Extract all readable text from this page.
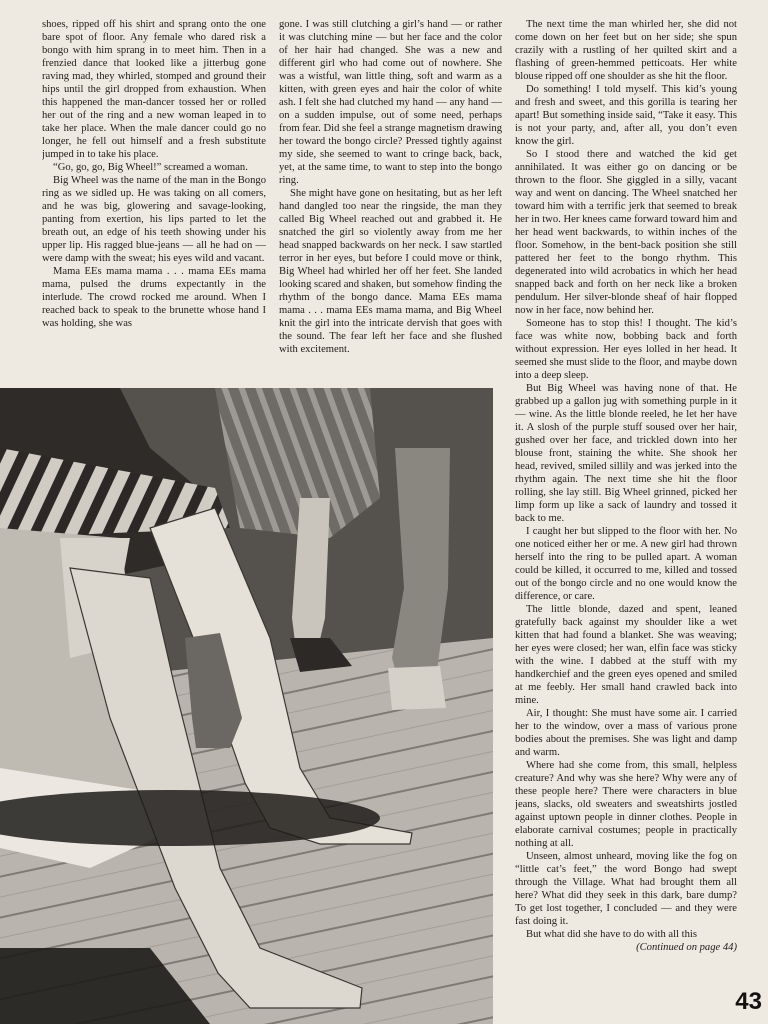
shoes, ripped off his shirt and sprang onto the one bare spot of floor. Any female who dared risk a bongo with him sprang in to meet him. Then in a frenzied dance that looked like a jitterbug gone raving mad, they whirled, stomped and ground their hips until the girl dropped from exhaustion. When this happened the man-dancer tossed her or rolled her out of the ring and a new woman leaped in to take her place. When the male dancer could go no longer, he fell out himself and a fresh substitute jumped in to take his place.

“Go, go, go, Big Wheel!” screamed a woman.

Big Wheel was the name of the man in the Bongo ring as we sidled up. He was taking on all comers, and he was big, glowering and savage-looking, panting from exertion, his lips parted to let the breath out, an edge of his teeth showing under his upper lip. His ragged blue-jeans — all he had on — were damp with the sweat; his eyes wild and vacant.

Mama EEs mama mama . . . mama EEs mama mama, pulsed the drums expectantly in the interlude. The crowd rocked me around. When I reached back to speak to the brunette whose hand I was holding, she was

gone. I was still clutching a girl’s hand — or rather it was clutching mine — but her face and the color of her hair had changed. She was a new and different girl who had come out of nowhere. She was a wistful, wan little thing, soft and warm as a kitten, with green eyes and hair the color of white ash. I felt she had clutched my hand — any hand — on a sudden impulse, out of some need, perhaps from fear. Did she feel a strange magnetism drawing her toward the bongo circle? Pressed tightly against my side, she seemed to want to cringe back, back, yet, at the same time, to want to step into the bongo ring.

She might have gone on hesitating, but as her left hand dangled too near the ringside, the man they called Big Wheel reached out and grabbed it. He snatched the girl so violently away from me her head snapped backwards on her neck. I saw startled terror in her eyes, but before I could move or think, Big Wheel had whirled her off her feet. She landed looking scared and shaken, but somehow finding the rhythm of the bongo dance. Mama EEs mama mama . . . mama EEs mama mama, and Big Wheel knit the girl into the intricate dervish that goes with the sound. The fear left her face and she flushed with excitement.

The next time the man whirled her, she did not come down on her feet but on her side; she spun crazily with a rustling of her quilted skirt and a flashing of green-hemmed petticoats. Her white blouse ripped off one shoulder as she hit the floor.

Do something! I told myself. This kid’s young and fresh and sweet, and this gorilla is tearing her apart! But something inside said, “Take it easy. This is not your party, and, after all, you don’t even know the girl.

So I stood there and watched the kid get annihilated. It was either go on dancing or be thrown to the floor. She giggled in a silly, vacant way and went on dancing. The Wheel snatched her toward him with a terrific jerk that seemed to break her in two. Her knees came forward toward him and her head went backwards, to within inches of the floor. Somehow, in the bent-back position she still pattered her feet to the bongo rhythm. This degenerated into wild acrobatics in which her head snapped back and forth on her neck like a broken pendulum. Her silver-blonde sheaf of hair flopped now in her face, now behind her.

Someone has to stop this! I thought. The kid’s face was white now, bobbing back and forth without expression. Her eyes lolled in her head. It seemed she must slide to the floor, and maybe down into a deep sleep.

But Big Wheel was having none of that. He grabbed up a gallon jug with something purple in it — wine. As the little blonde reeled, he let her have it. A slosh of the purple stuff soused over her hair, gushed over her face, and trickled down into her blouse front, staining the white. She shook her head, revived, smiled sillily and was jerked into the rhythm again. The next time she hit the floor rolling, she lay still. Big Wheel grinned, picked her limp form up like a sack of laundry and tossed it back to me.

I caught her but slipped to the floor with her. No one noticed either her or me. A new girl had thrown herself into the ring to be pulled apart. A woman could be killed, it occurred to me, killed and tossed out of the bongo circle and no one would know the difference, or care.

The little blonde, dazed and spent, leaned gratefully back against my shoulder like a wet kitten that had found a blanket. She was weaving; her eyes were closed; her wan, elfin face was sticky with the wine. I dabbed at the stuff with my handkerchief and the green eyes opened and smiled at me feebly. Her small hand crawled back into mine.

Air, I thought: She must have some air. I carried her to the window, over a mass of various prone bodies about the premises. She was light and damp and warm.

Where had she come from, this small, helpless creature? And why was she here? Why were any of these people here? There were characters in blue jeans, slacks, old sweaters and sweatshirts jostled against uptown people in dinner clothes. People in elaborate carnival costumes; people in practically nothing at all.

Unseen, almost unheard, moving like the fog on “little cat’s feet,” the word Bongo had swept through the Village. What had brought them all here? What did they seek in this dark, bare dump? To get lost together, I concluded — and they were fast doing it.

But what did she have to do with all this

(Continued on page 44)

43
